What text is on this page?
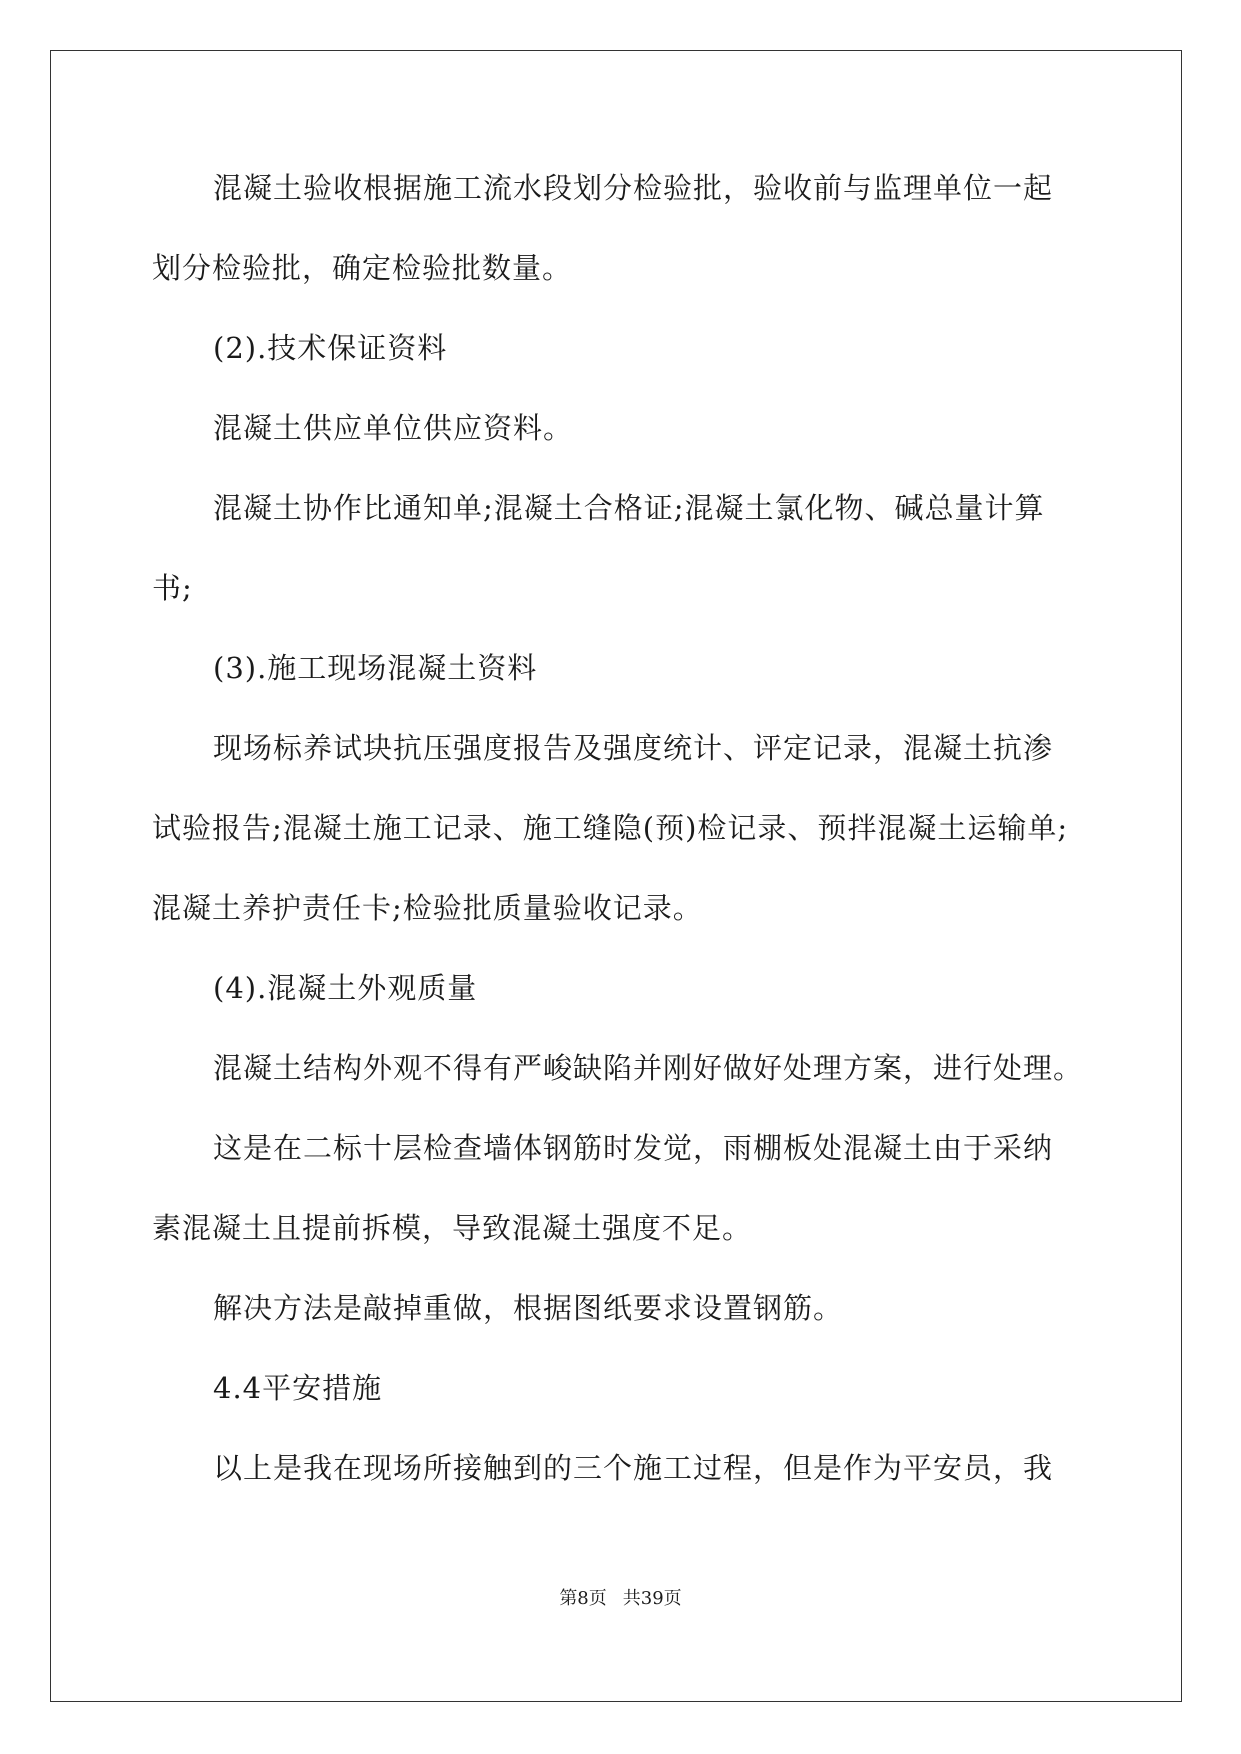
混凝土验收根据施工流水段划分检验批，验收前与监理单位一起

划分检验批，确定检验批数量。

(2).技术保证资料

混凝土供应单位供应资料。

混凝土协作比通知单;混凝土合格证;混凝土氯化物、碱总量计算

书;

(3).施工现场混凝土资料

现场标养试块抗压强度报告及强度统计、评定记录，混凝土抗渗

试验报告;混凝土施工记录、施工缝隐(预)检记录、预拌混凝土运输单;

混凝土养护责任卡;检验批质量验收记录。

(4).混凝土外观质量

混凝土结构外观不得有严峻缺陷并刚好做好处理方案，进行处理。

这是在二标十层检查墙体钢筋时发觉，雨棚板处混凝土由于采纳

素混凝土且提前拆模，导致混凝土强度不足。

解决方法是敲掉重做，根据图纸要求设置钢筋。

4.4平安措施

以上是我在现场所接触到的三个施工过程，但是作为平安员，我

第8页 共39页
